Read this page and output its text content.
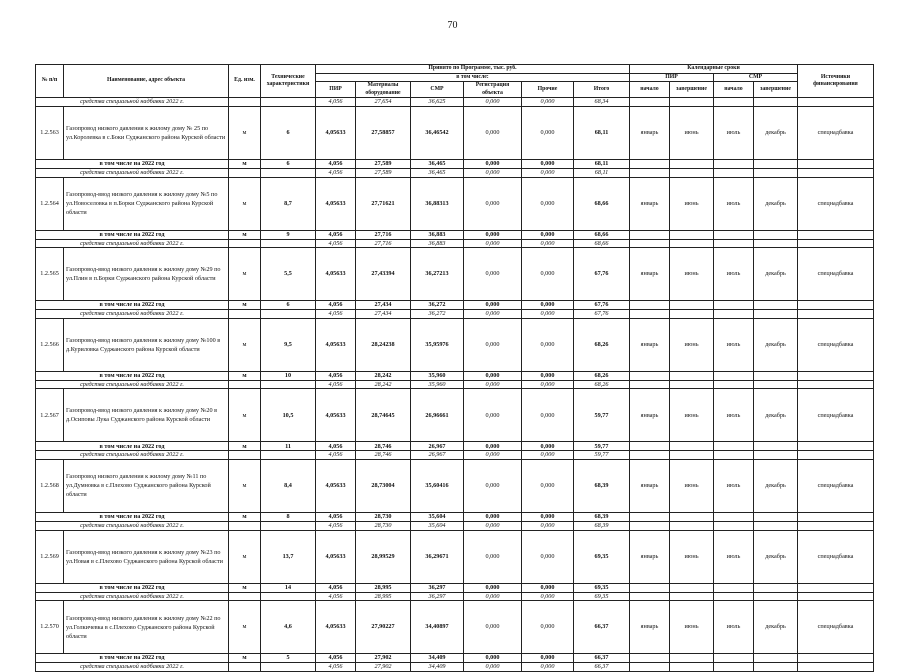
70
№ п/п	Наименование, адрес объекта	Ед. изм.	Технические характеристики	Принято по Программе, тыс. руб.						Календарные сроки				Источники финансирования
				в том числе:						ПИР		СМР		
				ПИР	Материалы оборудование	СМР	Регистрация объекта	Прочие	Итого	начало	завершение	начало	завершение	
средства специальной надбавки 2022 г.				4,056	27,654	36,625	0,000	0,000	68,34					
1.2.563	Газопровод низкого давления к жилому дому № 25 по ул.Королевка в с.Боки Суджанского района Курской области	м	6	4,05633	27,58857	36,46542	0,000	0,000	68,11	январь	июнь	июль	декабрь	спецнадбавка
в том числе на 2022 год		м	6	4,056	27,589	36,465	0,000	0,000	68,11					
средства специальной надбавки 2022 г.				4,056	27,589	36,465	0,000	0,000	68,11					
1.2.564	Газопровод-ввод низкого давления к жилому дому №5 по ул.Новоселовка в п.Борки Суджанского района Курской области	м	8,7	4,05633	27,71621	36,88313	0,000	0,000	68,66	январь	июнь	июль	декабрь	спецнадбавка
в том числе на 2022 год		м	9	4,056	27,716	36,883	0,000	0,000	68,66					
средства специальной надбавки 2022 г.				4,056	27,716	36,883	0,000	0,000	68,66					
1.2.565	Газопровод-ввод низкого давления к жилому дому №29 по ул.Плин в п.Борки Суджанского района Курской области	м	5,5	4,05633	27,43394	36,27213	0,000	0,000	67,76	январь	июнь	июль	декабрь	спецнадбавка
в том числе на 2022 год		м	6	4,056	27,434	36,272	0,000	0,000	67,76					
средства специальной надбавки 2022 г.				4,056	27,434	36,272	0,000	0,000	67,76					
1.2.566	Газопровод-ввод низкого давления к жилому дому №100 в д.Куриловка Суджанского района Курской области	м	9,5	4,05633	28,24238	35,95976	0,000	0,000	68,26	январь	июнь	июль	декабрь	спецнадбавка
в том числе на 2022 год		м	10	4,056	28,242	35,960	0,000	0,000	68,26					
средства специальной надбавки 2022 г.				4,056	28,242	35,960	0,000	0,000	68,26					
1.2.567	Газопровод-ввод низкого давления к жилому дому №20 в д.Осиповы Лука Суджанского района Курской области	м	10,5	4,05633	28,74645	26,96661	0,000	0,000	59,77	январь	июнь	июль	декабрь	спецнадбавка
в том числе на 2022 год		м	11	4,056	28,746	26,967	0,000	0,000	59,77					
средства специальной надбавки 2022 г.				4,056	28,746	26,967	0,000	0,000	59,77					
1.2.568	Газопровод низкого давления к жилому дому №11 по ул.Думновка в с.Плехово Суджанского района Курской области	м	8,4	4,05633	28,73004	35,60416	0,000	0,000	68,39	январь	июнь	июль	декабрь	спецнадбавка
в том числе на 2022 год		м	8	4,056	28,730	35,604	0,000	0,000	68,39					
средства специальной надбавки 2022 г.				4,056	28,730	35,604	0,000	0,000	68,39					
1.2.569	Газопровод-ввод низкого давления к жилому дому №23 по ул.Новая в с.Плехово Суджанского района Курской области	м	13,7	4,05633	28,99529	36,29671	0,000	0,000	69,35	январь	июнь	июль	декабрь	спецнадбавка
в том числе на 2022 год		м	14	4,056	28,995	36,297	0,000	0,000	69,35					
средства специальной надбавки 2022 г.				4,056	28,995	36,297	0,000	0,000	69,35					
1.2.570	Газопровод-ввод низкого давления к жилому дому №22 по ул.Голкичевка в с.Плехово Суджанского района Курской области	м	4,6	4,05633	27,90227	34,40897	0,000	0,000	66,37	январь	июнь	июль	декабрь	спецнадбавка
в том числе на 2022 год		м	5	4,056	27,902	34,409	0,000	0,000	66,37					
средства специальной надбавки 2022 г.				4,056	27,902	34,409	0,000	0,000	66,37					
